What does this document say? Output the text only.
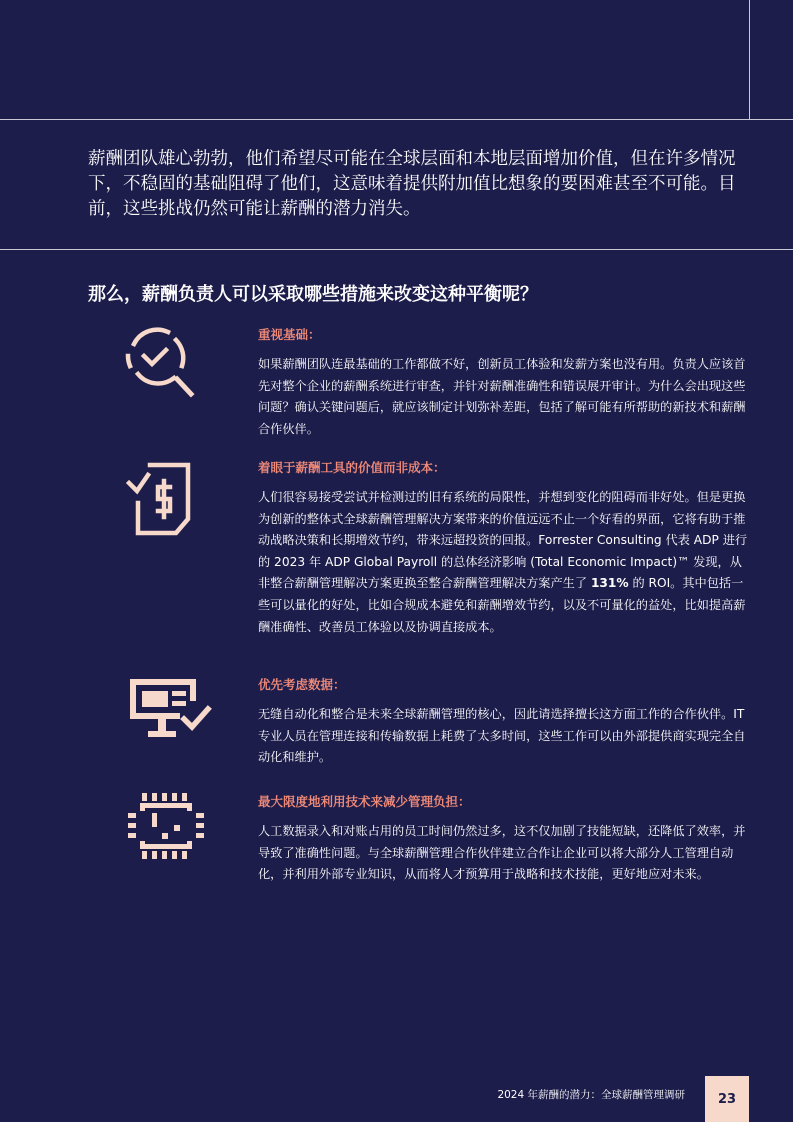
薪酬团队雄心勃勃，他们希望尽可能在全球层面和本地层面增加价值，但在许多情况下，不稳固的基础阻碍了他们，这意味着提供附加值比想象的要困难甚至不可能。目前，这些挑战仍然可能让薪酬的潜力消失。

那么，薪酬负责人可以采取哪些措施来改变这种平衡呢？
重视基础：

如果薪酬团队连最基础的工作都做不好，创新员工体验和发薪方案也没有用。负责人应该首先对整个企业的薪酬系统进行审查，并针对薪酬准确性和错误展开审计。为什么会出现这些问题？确认关键问题后，就应该制定计划弥补差距，包括了解可能有所帮助的新技术和薪酬合作伙伴。

着眼于薪酬工具的价值而非成本：

人们很容易接受尝试并检测过的旧有系统的局限性，并想到变化的阻碍而非好处。但是更换为创新的整体式全球薪酬管理解决方案带来的价值远远不止一个好看的界面，它将有助于推动战略决策和长期增效节约，带来远超投资的回报。Forrester Consulting 代表 ADP 进行的 2023 年 ADP Global Payroll 的总体经济影响 (Total Economic Impact)™ 发现，从非整合薪酬管理解决方案更换至整合薪酬管理解决方案产生了 131% 的 ROI。其中包括一些可以量化的好处，比如合规成本避免和薪酬增效节约，以及不可量化的益处，比如提高薪酬准确性、改善员工体验以及协调直接成本。

优先考虑数据：

无缝自动化和整合是未来全球薪酬管理的核心，因此请选择擅长这方面工作的合作伙伴。IT 专业人员在管理连接和传输数据上耗费了太多时间，这些工作可以由外部提供商实现完全自动化和维护。

最大限度地利用技术来减少管理负担：

人工数据录入和对账占用的员工时间仍然过多，这不仅加剧了技能短缺，还降低了效率，并导致了准确性问题。与全球薪酬管理合作伙伴建立合作让企业可以将大部分人工管理自动化，并利用外部专业知识，从而将人才预算用于战略和技术技能，更好地应对未来。

2024 年薪酬的潜力：全球薪酬管理调研	23
